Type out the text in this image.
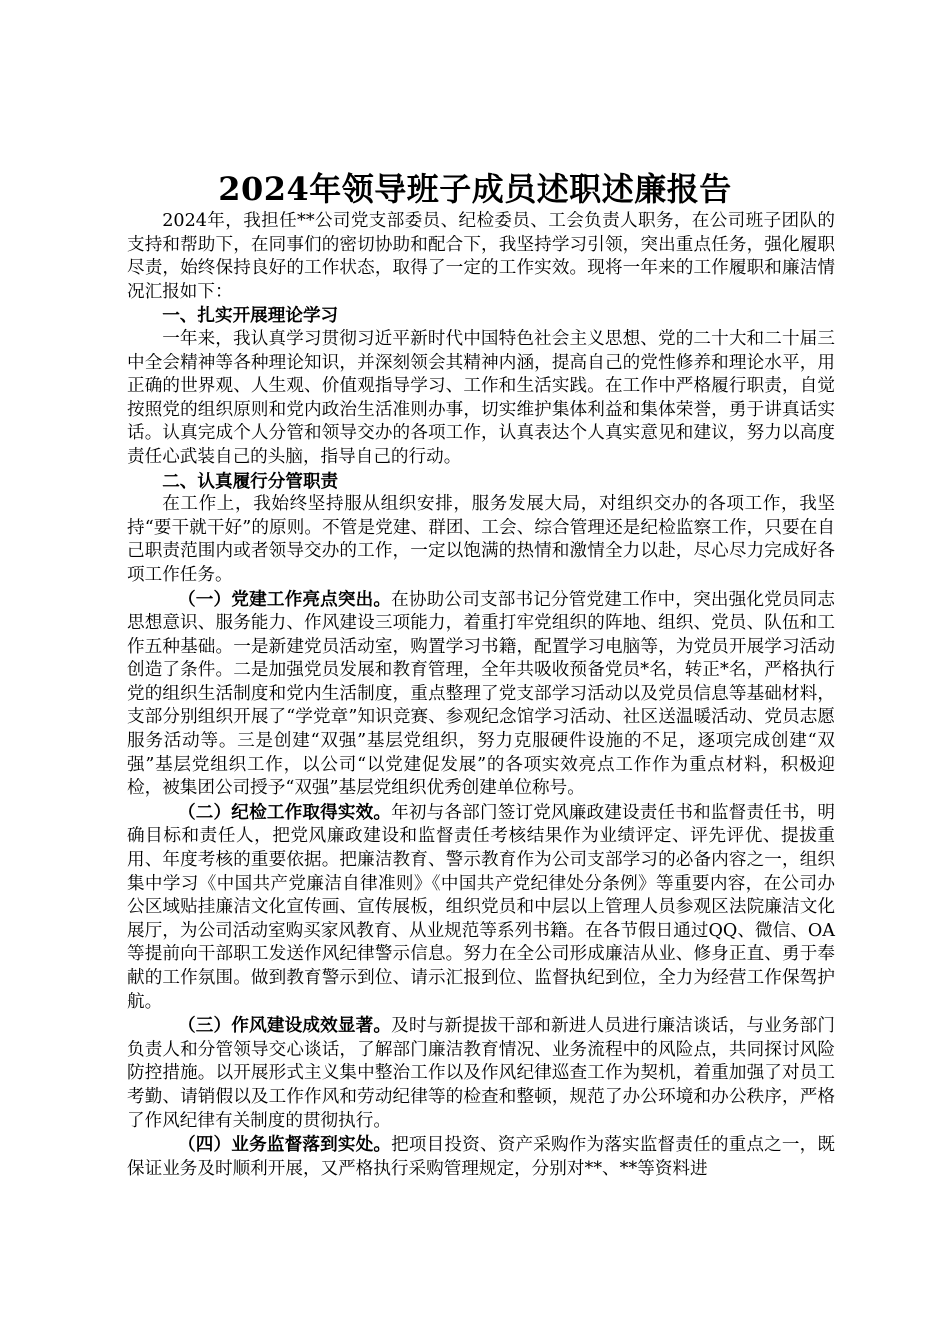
2024年领导班子成员述职述廉报告

2024年，我担任**公司党支部委员、纪检委员、工会负责人职务，在公司班子团队的支持和帮助下，在同事们的密切协助和配合下，我坚持学习引领，突出重点任务，强化履职尽责，始终保持良好的工作状态，取得了一定的工作实效。现将一年来的工作履职和廉洁情况汇报如下：

一、扎实开展理论学习

一年来，我认真学习贯彻习近平新时代中国特色社会主义思想、党的二十大和二十届三中全会精神等各种理论知识，并深刻领会其精神内涵，提高自己的党性修养和理论水平，用正确的世界观、人生观、价值观指导学习、工作和生活实践。在工作中严格履行职责，自觉按照党的组织原则和党内政治生活准则办事，切实维护集体利益和集体荣誉，勇于讲真话实话。认真完成个人分管和领导交办的各项工作，认真表达个人真实意见和建议，努力以高度责任心武装自己的头脑，指导自己的行动。

二、认真履行分管职责

在工作上，我始终坚持服从组织安排，服务发展大局，对组织交办的各项工作，我坚持“要干就干好”的原则。不管是党建、群团、工会、综合管理还是纪检监察工作，只要在自己职责范围内或者领导交办的工作，一定以饱满的热情和激情全力以赴，尽心尽力完成好各项工作任务。

（一）党建工作亮点突出。在协助公司支部书记分管党建工作中，突出强化党员同志思想意识、服务能力、作风建设三项能力，着重打牢党组织的阵地、组织、党员、队伍和工作五种基础。一是新建党员活动室，购置学习书籍，配置学习电脑等，为党员开展学习活动创造了条件。二是加强党员发展和教育管理，全年共吸收预备党员*名，转正*名，严格执行党的组织生活制度和党内生活制度，重点整理了党支部学习活动以及党员信息等基础材料，支部分别组织开展了“学党章”知识竞赛、参观纪念馆学习活动、社区送温暖活动、党员志愿服务活动等。三是创建“双强”基层党组织，努力克服硬件设施的不足，逐项完成创建“双强”基层党组织工作，以公司“以党建促发展”的各项实效亮点工作作为重点材料，积极迎检，被集团公司授予“双强”基层党组织优秀创建单位称号。

（二）纪检工作取得实效。年初与各部门签订党风廉政建设责任书和监督责任书，明确目标和责任人，把党风廉政建设和监督责任考核结果作为业绩评定、评先评优、提拔重用、年度考核的重要依据。把廉洁教育、警示教育作为公司支部学习的必备内容之一，组织集中学习《中国共产党廉洁自律准则》《中国共产党纪律处分条例》等重要内容，在公司办公区域贴挂廉洁文化宣传画、宣传展板，组织党员和中层以上管理人员参观区法院廉洁文化展厅，为公司活动室购买家风教育、从业规范等系列书籍。在各节假日通过QQ、微信、OA等提前向干部职工发送作风纪律警示信息。努力在全公司形成廉洁从业、修身正直、勇于奉献的工作氛围。做到教育警示到位、请示汇报到位、监督执纪到位，全力为经营工作保驾护航。

（三）作风建设成效显著。及时与新提拔干部和新进人员进行廉洁谈话，与业务部门负责人和分管领导交心谈话，了解部门廉洁教育情况、业务流程中的风险点，共同探讨风险防控措施。以开展形式主义集中整治工作以及作风纪律巡查工作为契机，着重加强了对员工考勤、请销假以及工作作风和劳动纪律等的检查和整顿，规范了办公环境和办公秩序，严格了作风纪律有关制度的贯彻执行。

（四）业务监督落到实处。把项目投资、资产采购作为落实监督责任的重点之一，既保证业务及时顺利开展，又严格执行采购管理规定，分别对**、**等资料进
